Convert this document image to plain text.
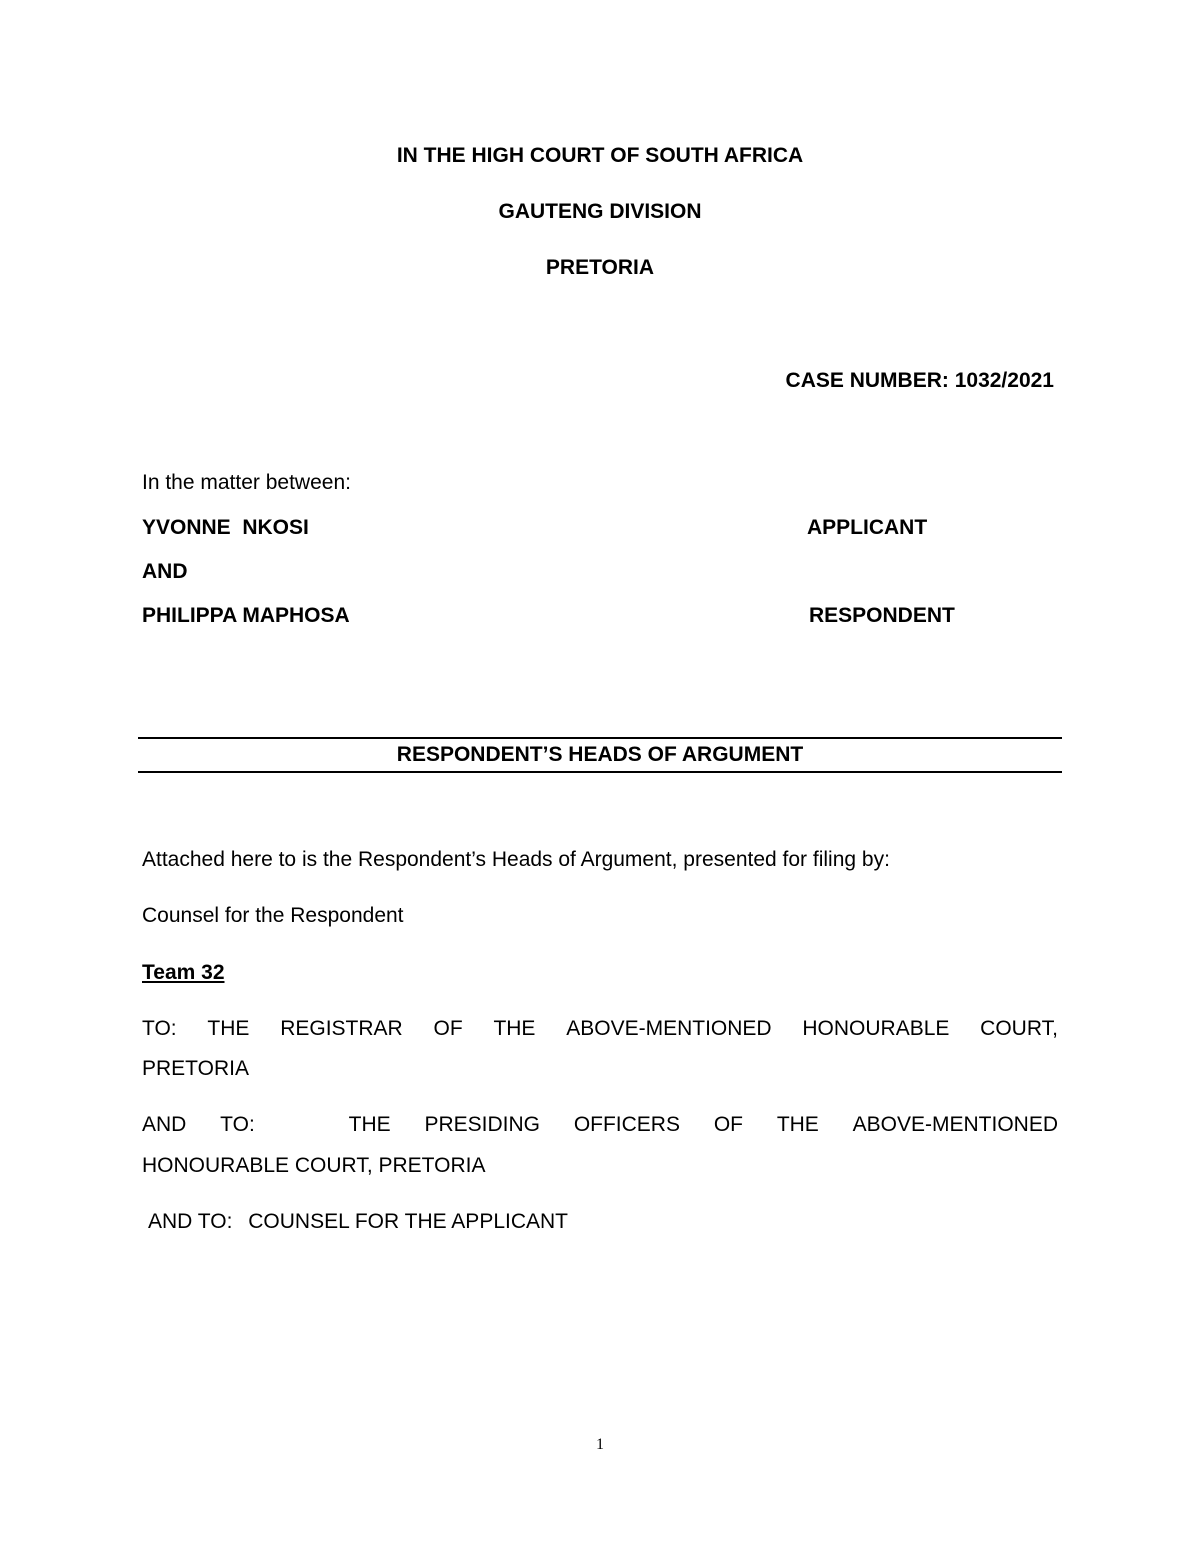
IN THE HIGH COURT OF SOUTH AFRICA
GAUTENG DIVISION
PRETORIA
CASE NUMBER: 1032/2021
In the matter between:
YVONNE  NKOSI	APPLICANT
AND
PHILIPPA MAPHOSA	RESPONDENT
RESPONDENT’S HEADS OF ARGUMENT
Attached here to is the Respondent’s Heads of Argument, presented for filing by:
Counsel for the Respondent
Team 32
TO: THE REGISTRAR OF THE ABOVE-MENTIONED HONOURABLE COURT,
PRETORIA
AND TO:	THE PRESIDING OFFICERS OF THE ABOVE-MENTIONED
HONOURABLE COURT, PRETORIA
AND TO: COUNSEL FOR THE APPLICANT
1
